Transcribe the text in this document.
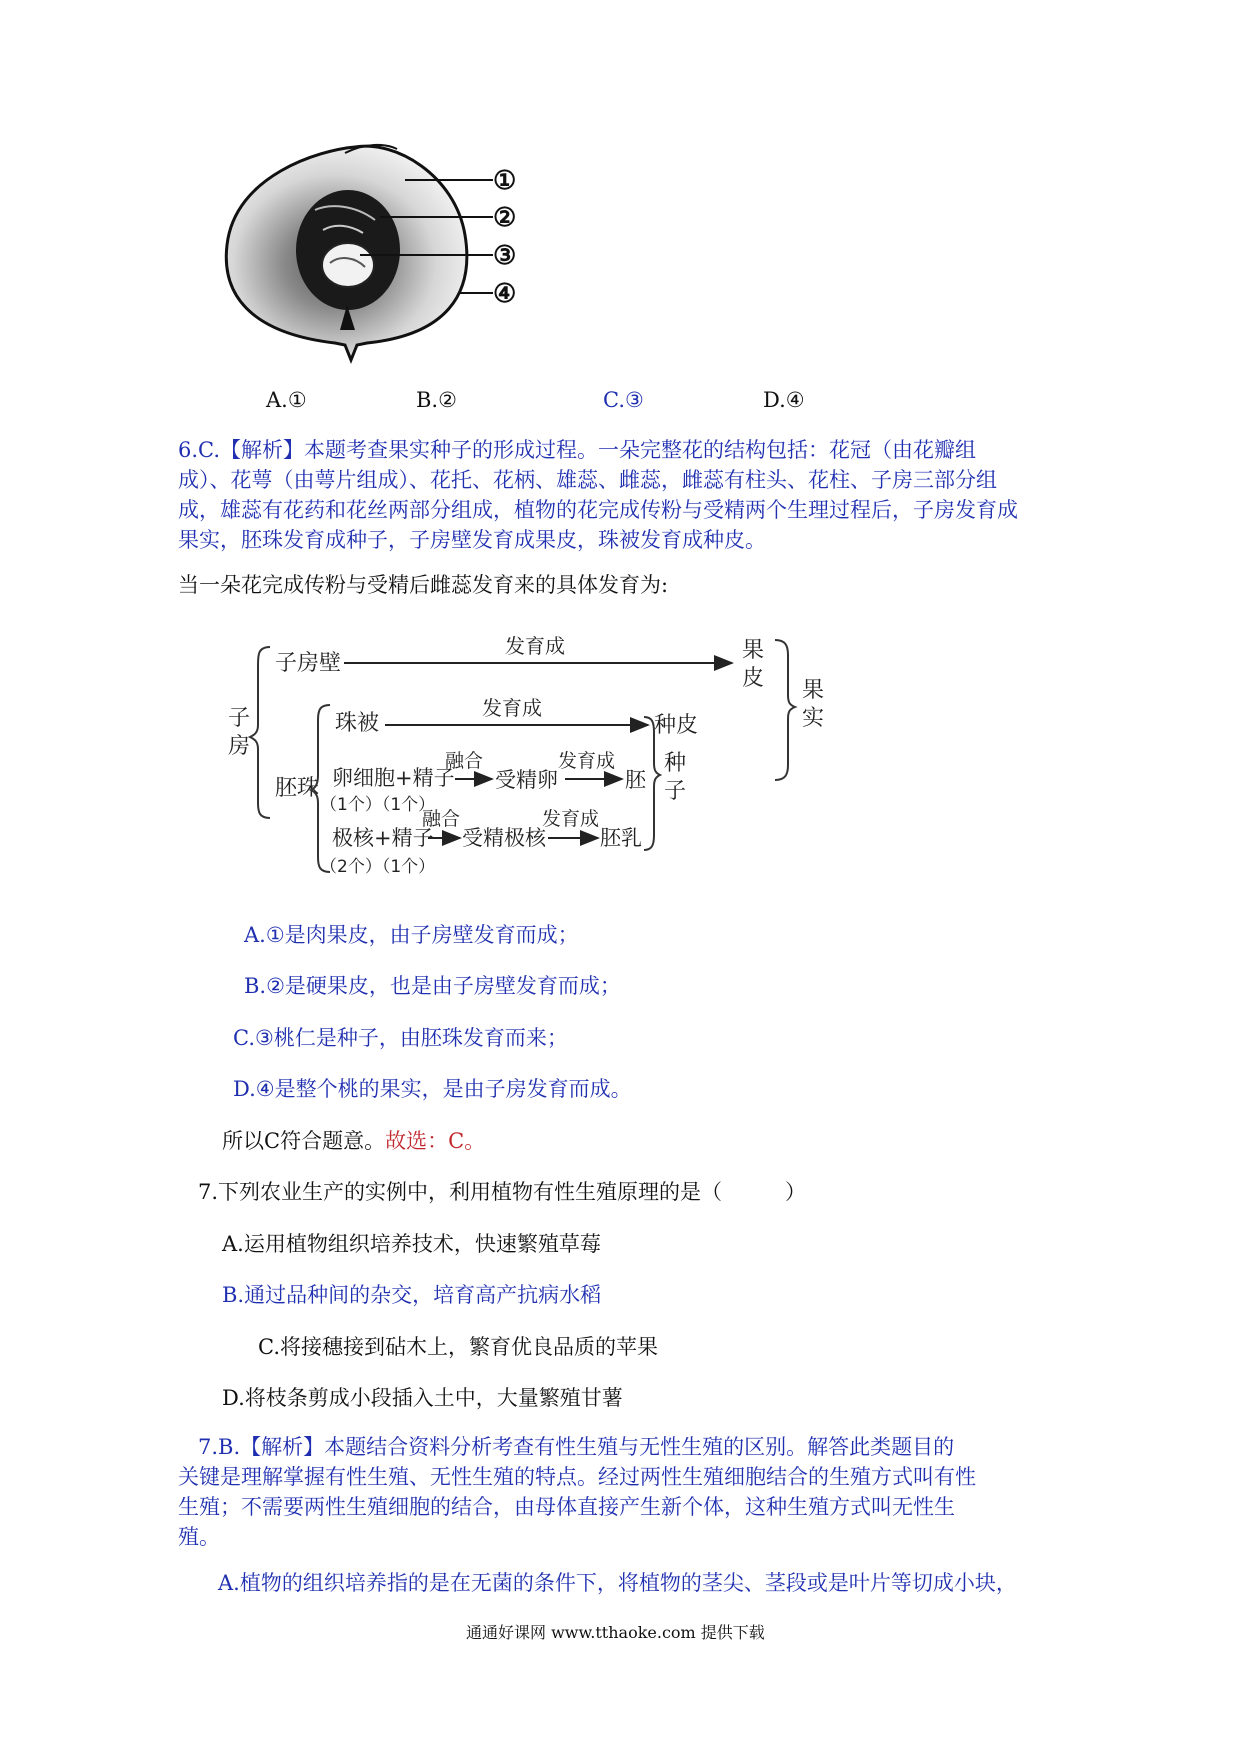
①
②
③
④
A.①	B.②	C.③	D.④
6.C.【解析】本题考查果实种子的形成过程。一朵完整花的结构包括：花冠（由花瓣组
成）、花萼（由萼片组成）、花托、花柄、雄蕊、雌蕊，雌蕊有柱头、花柱、子房三部分组
成，雄蕊有花药和花丝两部分组成，植物的花完成传粉与受精两个生理过程后，子房发育成
果实，胚珠发育成种子，子房壁发育成果皮，珠被发育成种皮。
当一朵花完成传粉与受精后雌蕊发育来的具体发育为:
子
房
子房壁
发育成	果
皮 果
实
胚珠
珠被
发育成
种皮
卵细胞+精子
（1个）（1个）
融合
受精卵
发育成
胚
极核+精子
（2个）（1个）
融合
受精极核
发育成
胚乳
种
子
A.①是肉果皮，由子房壁发育而成；
B.②是硬果皮，也是由子房壁发育而成；
C.③桃仁是种子，由胚珠发育而来；
D.④是整个桃的果实，是由子房发育而成。
所以C符合题意。故选：C。
7.下列农业生产的实例中，利用植物有性生殖原理的是（　　　）
A.运用植物组织培养技术，快速繁殖草莓
B.通过品种间的杂交，培育高产抗病水稻
C.将接穗接到砧木上，繁育优良品质的苹果
D.将枝条剪成小段插入土中，大量繁殖甘薯
7.B.【解析】本题结合资料分析考查有性生殖与无性生殖的区别。解答此类题目的
关键是理解掌握有性生殖、无性生殖的特点。经过两性生殖细胞结合的生殖方式叫有性
生殖；不需要两性生殖细胞的结合，由母体直接产生新个体，这种生殖方式叫无性生
殖。
A.植物的组织培养指的是在无菌的条件下，将植物的茎尖、茎段或是叶片等切成小块，
通通好课网 www.tthaoke.com 提供下载
